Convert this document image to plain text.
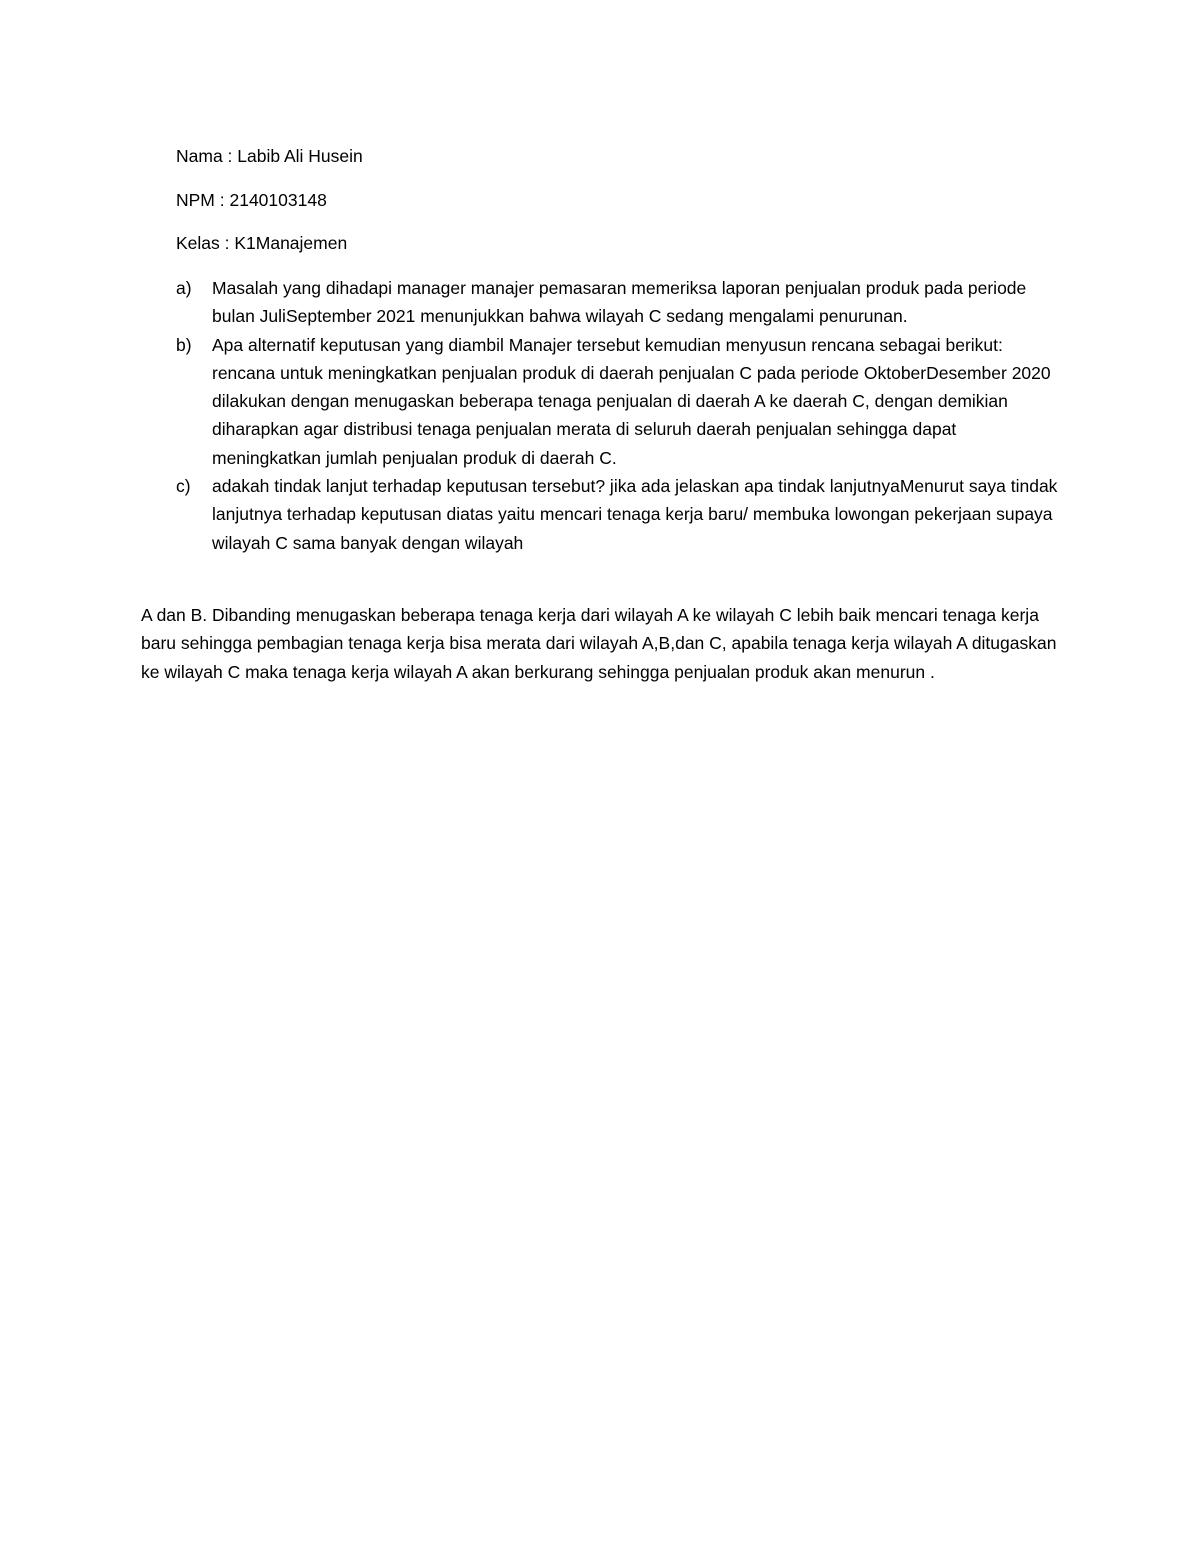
Nama : Labib Ali Husein
NPM : 2140103148
Kelas : K1Manajemen
a) Masalah yang dihadapi manager manajer pemasaran memeriksa laporan penjualan produk pada periode bulan JuliSeptember 2021 menunjukkan bahwa wilayah C sedang mengalami penurunan.
b) Apa alternatif keputusan yang diambil Manajer tersebut kemudian menyusun rencana sebagai berikut: rencana untuk meningkatkan penjualan produk di daerah penjualan C pada periode OktoberDesember 2020 dilakukan dengan menugaskan beberapa tenaga penjualan di daerah A ke daerah C, dengan demikian diharapkan agar distribusi tenaga penjualan merata di seluruh daerah penjualan sehingga dapat meningkatkan jumlah penjualan produk di daerah C.
c) adakah tindak lanjut terhadap keputusan tersebut? jika ada jelaskan apa tindak lanjutnyaMenurut saya tindak lanjutnya terhadap keputusan diatas yaitu mencari tenaga kerja baru/ membuka lowongan pekerjaan supaya wilayah C sama banyak dengan wilayah

A dan B. Dibanding menugaskan beberapa tenaga kerja dari wilayah A ke wilayah C lebih baik mencari tenaga kerja baru sehingga pembagian tenaga kerja bisa merata dari wilayah A,B,dan C, apabila tenaga kerja wilayah A ditugaskan ke wilayah C maka tenaga kerja wilayah A akan berkurang sehingga penjualan produk akan menurun .
